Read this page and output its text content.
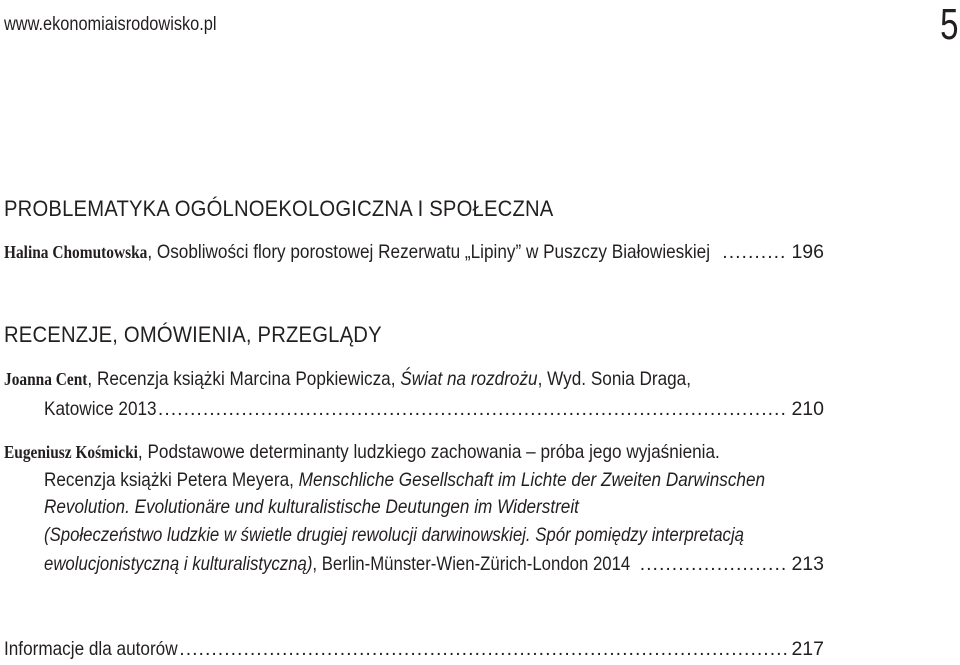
www.ekonomiaisrodowisko.pl	5
PROBLEMATYKA OGÓLNOEKOLOGICZNA I SPOŁECZNA
Halina Chomutowska, Osobliwości flory porostowej Rezerwatu „Lipiny” w Puszczy Białowieskiej .....	196
RECENZJE, OMÓWIENIA, PRZEGLĄDY
Joanna Cent, Recenzja książki Marcina Popkiewicza, Świat na rozdrożu, Wyd. Sonia Draga,
Katowice 2013 .....	210
Eugeniusz Kośmicki, Podstawowe determinanty ludzkiego zachowania – próba jego wyjaśnienia.
Recenzja książki Petera Meyera, Menschliche Gesellschaft im Lichte der Zweiten Darwinschen
Revolution. Evolutionäre und kulturalistische Deutungen im Widerstreit
(Społeczeństwo ludzkie w świetle drugiej rewolucji darwinowskiej. Spór pomiędzy interpretacją
ewolucjonistyczną i kulturalistyczną), Berlin-Münster-Wien-Zürich-London 2014 .....	213
Informacje dla autorów .....	217
